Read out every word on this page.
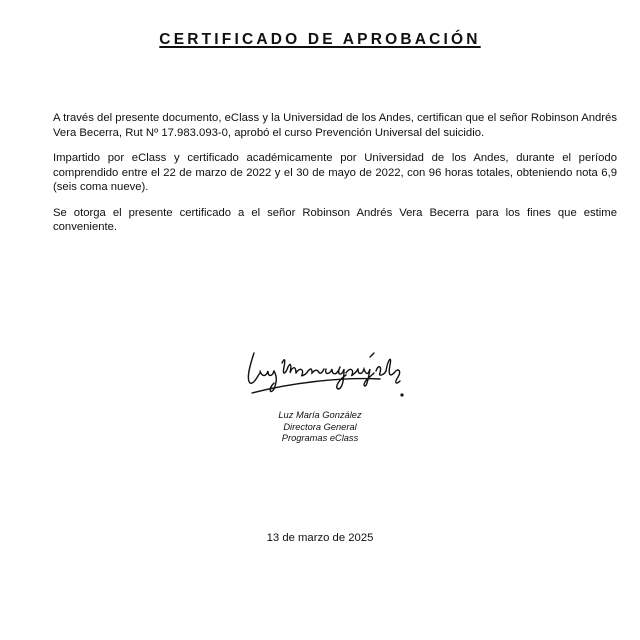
CERTIFICADO DE APROBACIÓN

A través del presente documento, eClass y la Universidad de los Andes, certifican que el señor Robinson Andrés Vera Becerra, Rut Nº 17.983.093-0, aprobó el curso Prevención Universal del suicidio.

Impartido por eClass y certificado académicamente por Universidad de los Andes, durante el período comprendido entre el 22 de marzo de 2022 y el 30 de mayo de 2022, con 96 horas totales, obteniendo nota 6,9 (seis coma nueve).

Se otorga el presente certificado a el señor Robinson Andrés Vera Becerra para los fines que estime conveniente.

Luz María González
Directora General
Programas eClass
13 de marzo de 2025
